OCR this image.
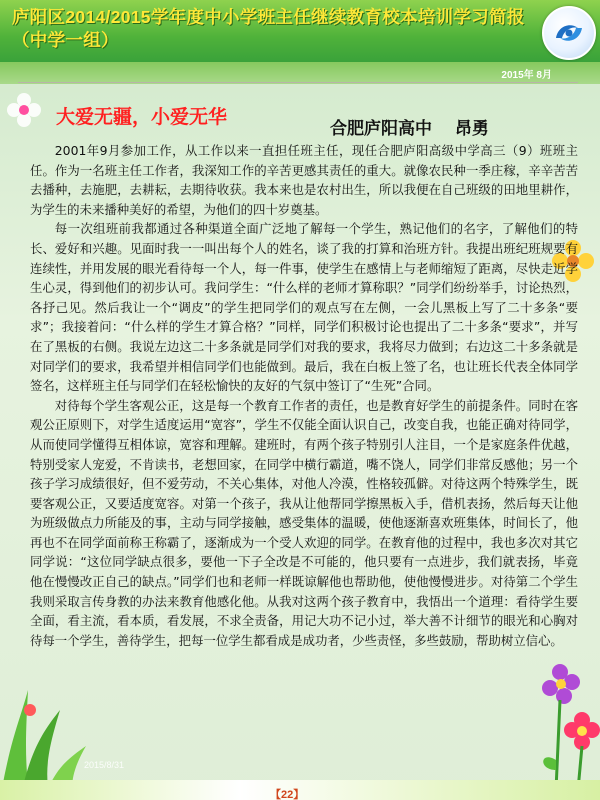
庐阳区2014/2015学年度中小学班主任继续教育校本培训学习简报（中学一组）
2015年 8月
大爱无疆，小爱无华
合肥庐阳高中　 昂勇

2001年9月参加工作，从工作以来一直担任班主任，现任合肥庐阳高级中学高三（9）班班主任。作为一名班主任工作者，我深知工作的辛苦更感其责任的重大。就像农民种一季庄稼，辛辛苦苦去播种，去施肥，去耕耘，去期待收获。我本来也是农村出生，所以我便在自己班级的田地里耕作，为学生的未来播种美好的希望，为他们的四十岁奠基。

每一次组班前我都通过各种渠道全面广泛地了解每一个学生，熟记他们的名字，了解他们的特长、爱好和兴趣。见面时我一一叫出每个人的姓名，谈了我的打算和治班方针。我提出班纪班规要有连续性，并用发展的眼光看待每一个人，每一件事，使学生在感情上与老师缩短了距离，尽快走近学生心灵，得到他们的初步认可。我问学生：“什么样的老师才算称职？”同学们纷纷举手，讨论热烈，各抒己见。然后我让一个“调皮”的学生把同学们的观点写在左侧，一会儿黑板上写了二十多条“要求”；我接着问：“什么样的学生才算合格？”同样，同学们积极讨论也提出了二十多条“要求”，并写在了黑板的右侧。我说左边这二十多条就是同学们对我的要求，我将尽力做到；右边这二十多条就是对同学们的要求，我希望并相信同学们也能做到。最后，我在白板上签了名，也让班长代表全体同学签名，这样班主任与同学们在轻松愉快的友好的气氛中签订了“生死”合同。

对待每个学生客观公正，这是每一个教育工作者的责任，也是教育好学生的前提条件。同时在客观公正原则下，对学生适度运用“宽容”，学生不仅能全面认识自己，改变自我，也能正确对待同学，从而使同学懂得互相体谅，宽容和理解。建班时，有两个孩子特别引人注目，一个是家庭条件优越，特别受家人宠爱，不肯读书，老想回家，在同学中横行霸道，嘴不饶人，同学们非常反感他；另一个孩子学习成绩很好，但不爱劳动，不关心集体，对他人冷漠，性格较孤僻。对待这两个特殊学生，既要客观公正，又要适度宽容。对第一个孩子，我从让他帮同学擦黑板入手，借机表扬，然后每天让他为班级做点力所能及的事，主动与同学接触，感受集体的温暖，使他逐渐喜欢班集体，时间长了，他再也不在同学面前称王称霸了，逐渐成为一个受人欢迎的同学。在教育他的过程中，我也多次对其它同学说：“这位同学缺点很多，要他一下子全改是不可能的，他只要有一点进步，我们就表扬，毕竟他在慢慢改正自己的缺点。”同学们也和老师一样既谅解他也帮助他，使他慢慢进步。对待第二个学生我则采取言传身教的办法来教育他感化他。从我对这两个孩子教育中，我悟出一个道理：看待学生要全面，看主流，看本质，看发展，不求全责备，用记大功不记小过，举大善不计细节的眼光和心胸对待每一个学生，善待学生，把每一位学生都看成是成功者，少些责怪，多些鼓励，帮助树立信心。

2015/8/31
【22】
